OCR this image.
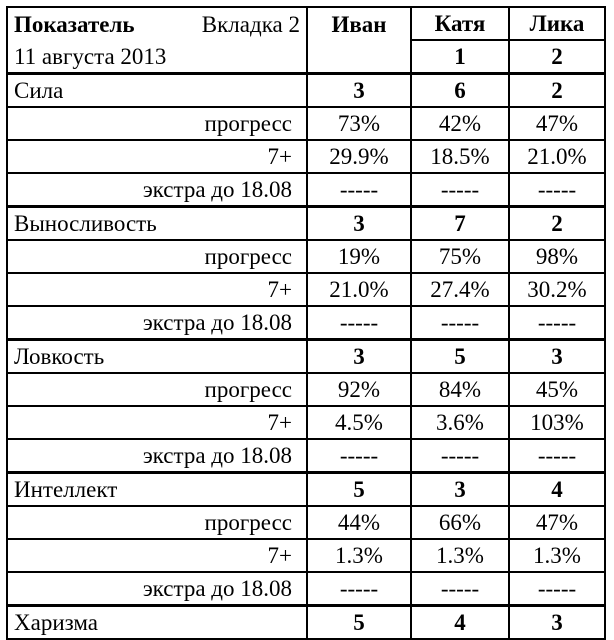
Показатель Вкладка 2	Иван	Катя	Лика
11 августа 2013		1	2
Сила	3	6	2
прогресс	73%	42%	47%
7+	29.9%	18.5%	21.0%
экстра до 18.08	-----	-----	-----
Выносливость	3	7	2
прогресс	19%	75%	98%
7+	21.0%	27.4%	30.2%
экстра до 18.08	-----	-----	-----
Ловкость	3	5	3
прогресс	92%	84%	45%
7+	4.5%	3.6%	103%
экстра до 18.08	-----	-----	-----
Интеллект	5	3	4
прогресс	44%	66%	47%
7+	1.3%	1.3%	1.3%
экстра до 18.08	-----	-----	-----
Харизма	5	4	3
